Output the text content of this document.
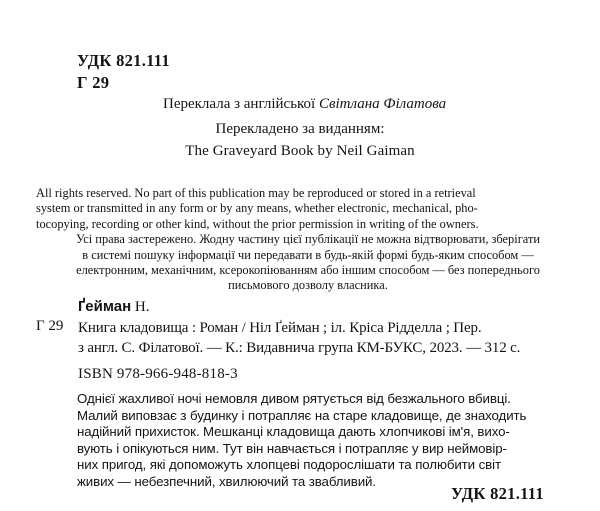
УДК 821.111
Г 29
Переклала з англійської Світлана Філатова
Перекладено за виданням:
The Graveyard Book by Neil Gaiman
All rights reserved. No part of this publication may be reproduced or stored in a retrieval
system or transmitted in any form or by any means, whether electronic, mechanical, pho-
tocopying, recording or other kind, without the prior permission in writing of the owners.
Усі права застережено. Жодну частину цієї публікації не можна відтворювати, зберігати
в системі пошуку інформації чи передавати в будь-якій формі будь-яким способом —
електронним, механічним, ксерокопіюванням або іншим способом — без попереднього
письмового дозволу власника.
Ґейман Н.
Г 29 Книга кладовища : Роман / Ніл Ґейман ; іл. Кріса Рідделла ; Пер.
з англ. С. Філатової. — К.: Видавнича група КМ-БУКС, 2023. — 312 с.
ISBN 978-966-948-818-3
Однієї жахливої ночі немовля дивом рятується від безжального вбивці.
Малий виповзає з будинку і потрапляє на старе кладовище, де знаходить
надійний прихисток. Мешканці кладовища дають хлопчикові ім'я, вихо-
вують і опікуються ним. Тут він навчається і потрапляє у вир неймовір-
них пригод, які допоможуть хлопцеві подорослішати та полюбити світ
живих — небезпечний, хвилюючий та звабливий.
УДК 821.111
